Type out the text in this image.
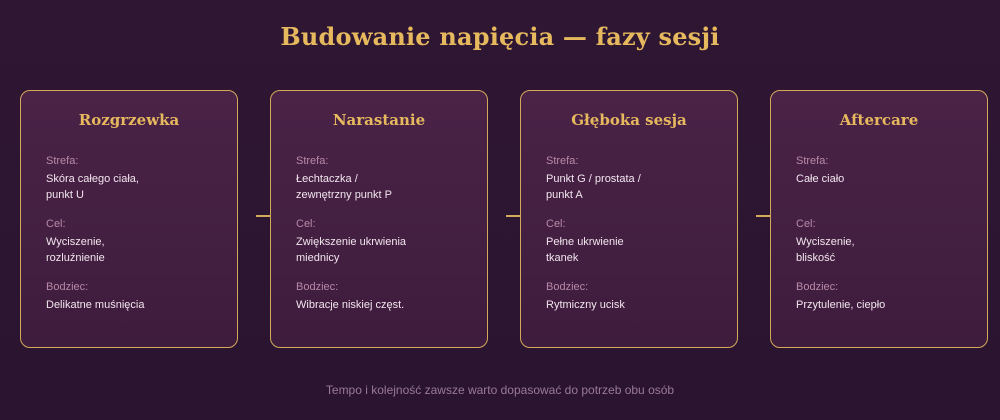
Budowanie napięcia — fazy sesji
Rozgrzewka
Strefa:
Skóra całego ciała,
punkt U
Cel:
Wyciszenie,
rozluźnienie
Bodziec:
Delikatne muśnięcia
Narastanie
Strefa:
Łechtaczka /
zewnętrzny punkt P
Cel:
Zwiększenie ukrwienia
miednicy
Bodziec:
Wibracje niskiej częst.
Głęboka sesja
Strefa:
Punkt G / prostata /
punkt A
Cel:
Pełne ukrwienie
tkanek
Bodziec:
Rytmiczny ucisk
Aftercare
Strefa:
Całe ciało
Cel:
Wyciszenie,
bliskość
Bodziec:
Przytulenie, ciepło
Tempo i kolejność zawsze warto dopasować do potrzeb obu osób
